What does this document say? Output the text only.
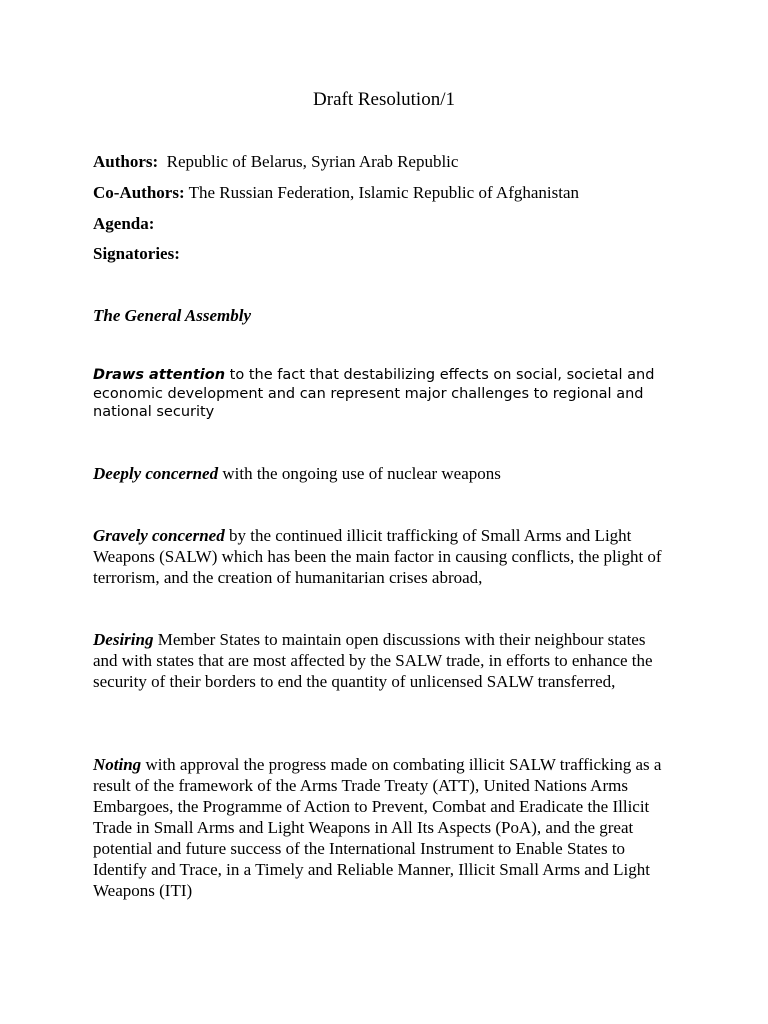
Draft Resolution/1
Authors: Republic of Belarus, Syrian Arab Republic
Co-Authors: The Russian Federation, Islamic Republic of Afghanistan
Agenda:
Signatories:
The General Assembly
Draws attention to the fact that destabilizing effects on social, societal and economic development and can represent major challenges to regional and national security
Deeply concerned with the ongoing use of nuclear weapons
Gravely concerned by the continued illicit trafficking of Small Arms and Light Weapons (SALW) which has been the main factor in causing conflicts, the plight of terrorism, and the creation of humanitarian crises abroad,
Desiring Member States to maintain open discussions with their neighbour states and with states that are most affected by the SALW trade, in efforts to enhance the security of their borders to end the quantity of unlicensed SALW transferred,
Noting with approval the progress made on combating illicit SALW trafficking as a result of the framework of the Arms Trade Treaty (ATT), United Nations Arms Embargoes, the Programme of Action to Prevent, Combat and Eradicate the Illicit Trade in Small Arms and Light Weapons in All Its Aspects (PoA), and the great potential and future success of the International Instrument to Enable States to Identify and Trace, in a Timely and Reliable Manner, Illicit Small Arms and Light Weapons (ITI)
